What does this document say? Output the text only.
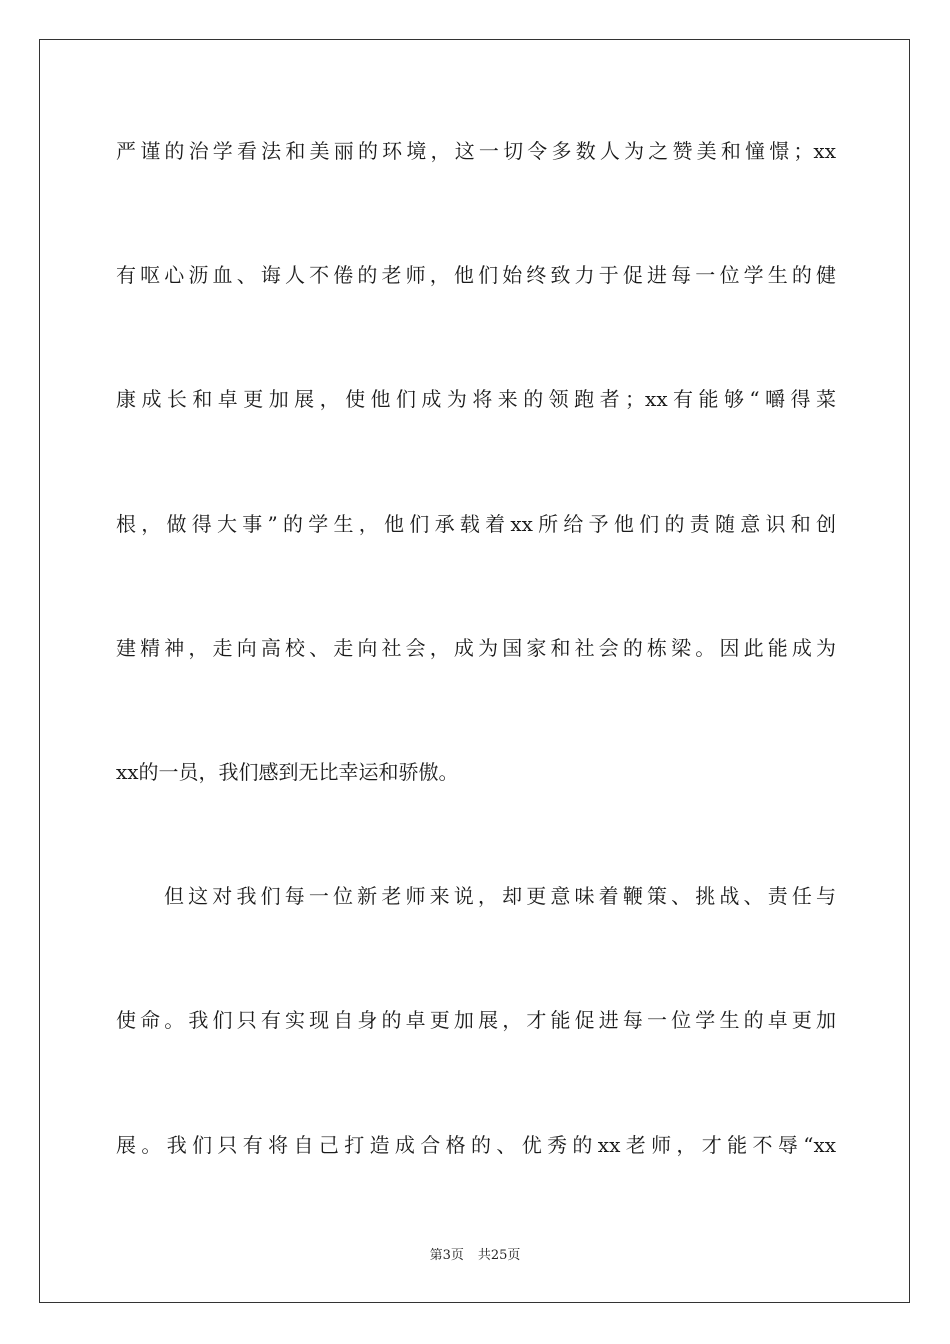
严谨的治学看法和美丽的环境，这一切令多数人为之赞美和憧憬；xx
有呕心沥血、诲人不倦的老师，他们始终致力于促进每一位学生的健
康成长和卓更加展，使他们成为将来的领跑者；xx有能够“嚼得菜
根，做得大事”的学生，他们承载着xx所给予他们的责随意识和创
建精神，走向高校、走向社会，成为国家和社会的栋梁。因此能成为
xx的一员，我们感到无比幸运和骄傲。
但这对我们每一位新老师来说，却更意味着鞭策、挑战、责任与
使命。我们只有实现自身的卓更加展，才能促进每一位学生的卓更加
展。我们只有将自己打造成合格的、优秀的xx老师，才能不辱“xx
第3页 共25页
